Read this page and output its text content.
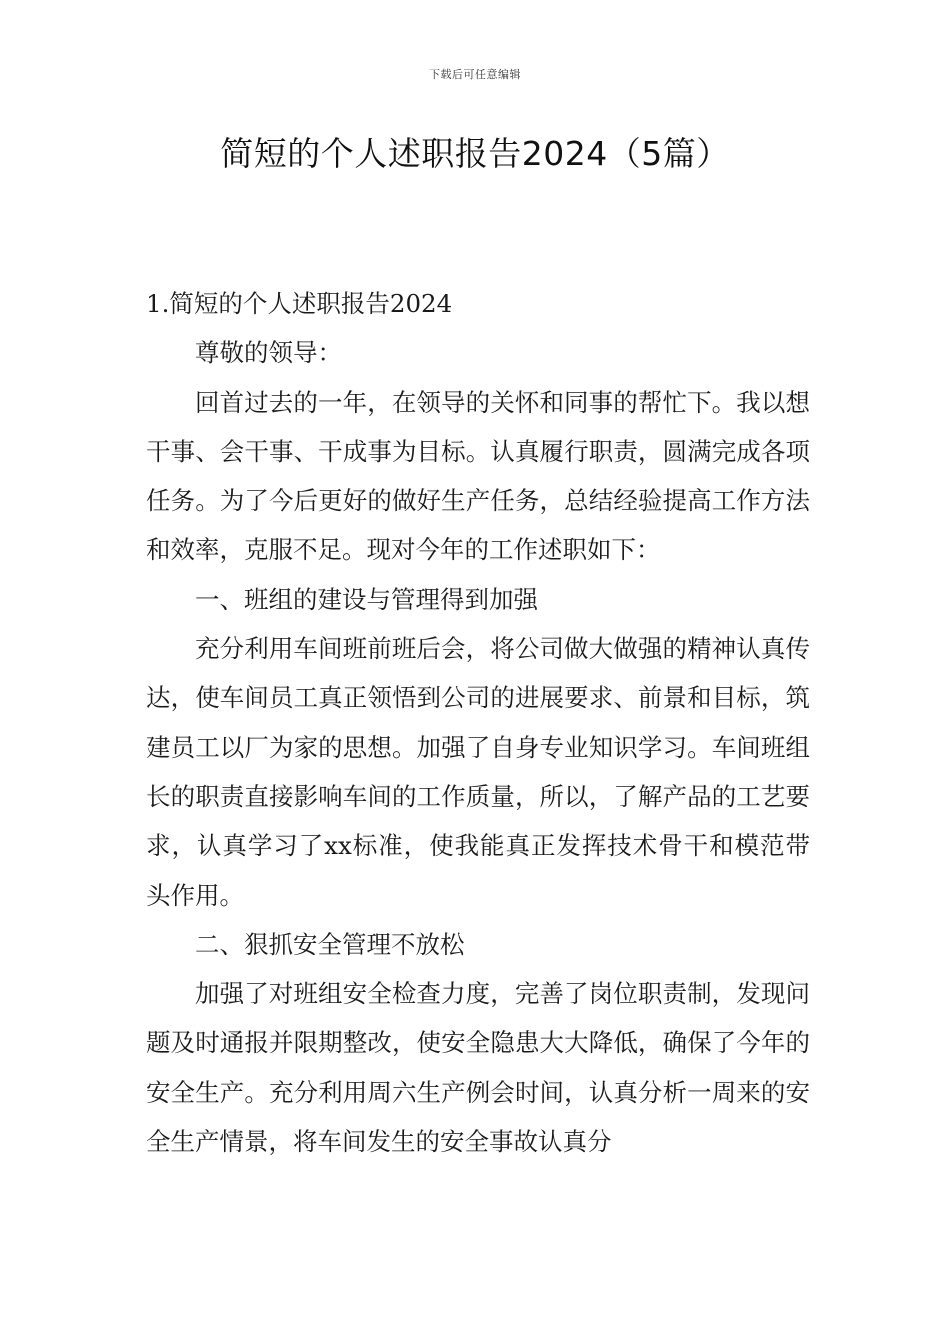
下载后可任意编辑
简短的个人述职报告2024（5篇）

1.简短的个人述职报告2024

尊敬的领导：

回首过去的一年，在领导的关怀和同事的帮忙下。我以想干事、会干事、干成事为目标。认真履行职责，圆满完成各项任务。为了今后更好的做好生产任务，总结经验提高工作方法和效率，克服不足。现对今年的工作述职如下：

一、班组的建设与管理得到加强

充分利用车间班前班后会，将公司做大做强的精神认真传达，使车间员工真正领悟到公司的进展要求、前景和目标，筑建员工以厂为家的思想。加强了自身专业知识学习。车间班组长的职责直接影响车间的工作质量，所以，了解产品的工艺要求，认真学习了xx标准，使我能真正发挥技术骨干和模范带头作用。

二、狠抓安全管理不放松

加强了对班组安全检查力度，完善了岗位职责制，发现问题及时通报并限期整改，使安全隐患大大降低，确保了今年的安全生产。充分利用周六生产例会时间，认真分析一周来的安全生产情景，将车间发生的安全事故认真分
